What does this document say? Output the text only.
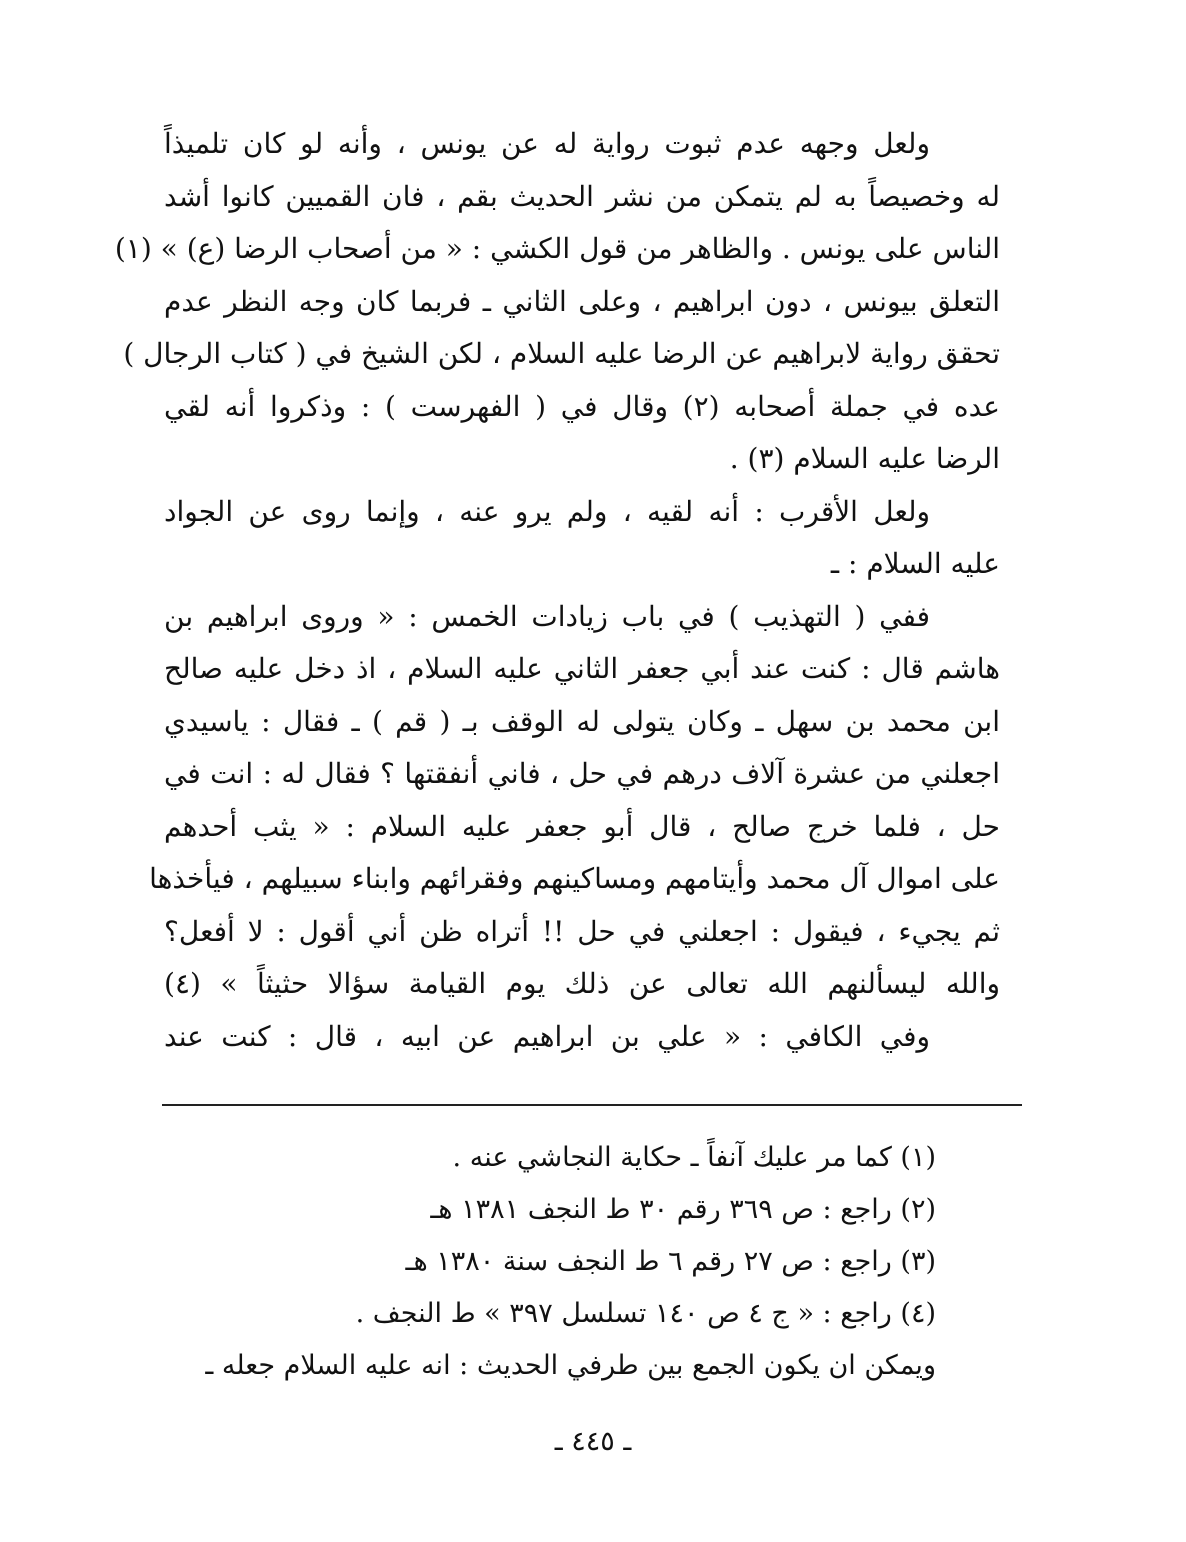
ولعل وجهه عدم ثبوت رواية له عن يونس ، وأنه لو كان تلميذاً
له وخصيصاً به لم يتمكن من نشر الحديث بقم ، فان القميين كانوا أشد
الناس على يونس . والظاهر من قول الكشي : « من أصحاب الرضا (ع) » (١)
التعلق بيونس ، دون ابراهيم ، وعلى الثاني ـ فربما كان وجه النظر عدم
تحقق رواية لابراهيم عن الرضا عليه السلام ، لكن الشيخ في ( كتاب الرجال )
عده في جملة أصحابه (٢) وقال في ( الفهرست ) : وذكروا أنه لقي
الرضا عليه السلام (٣) .
ولعل الأقرب : أنه لقيه ، ولم يرو عنه ، وإنما روى عن الجواد
عليه السلام : ـ
ففي ( التهذيب ) في باب زيادات الخمس : « وروى ابراهيم بن
هاشم قال : كنت عند أبي جعفر الثاني عليه السلام ، اذ دخل عليه صالح
ابن محمد بن سهل ـ وكان يتولى له الوقف بـ ( قم ) ـ فقال : ياسيدي
اجعلني من عشرة آلاف درهم في حل ، فاني أنفقتها ؟ فقال له : انت في
حل ، فلما خرج صالح ، قال أبو جعفر عليه السلام : « يثب أحدهم
على اموال آل محمد وأيتامهم ومساكينهم وفقرائهم وابناء سبيلهم ، فيأخذها
ثم يجيء ، فيقول : اجعلني في حل !! أتراه ظن أني أقول : لا أفعل؟
والله ليسألنهم الله تعالى عن ذلك يوم القيامة سؤالا حثيثاً » (٤)
وفي الكافي : « علي بن ابراهيم عن ابيه ، قال : كنت عند
(١) كما مر عليك آنفاً ـ حكاية النجاشي عنه .
(٢) راجع : ص ٣٦٩ رقم ٣٠ ط النجف ١٣٨١ هـ
(٣) راجع : ص ٢٧ رقم ٦ ط النجف سنة ١٣٨٠ هـ
(٤) راجع : « ج ٤ ص ١٤٠ تسلسل ٣٩٧ » ط النجف .
ويمكن ان يكون الجمع بين طرفي الحديث : انه عليه السلام جعله ـ
ـ ٤٤٥ ـ
